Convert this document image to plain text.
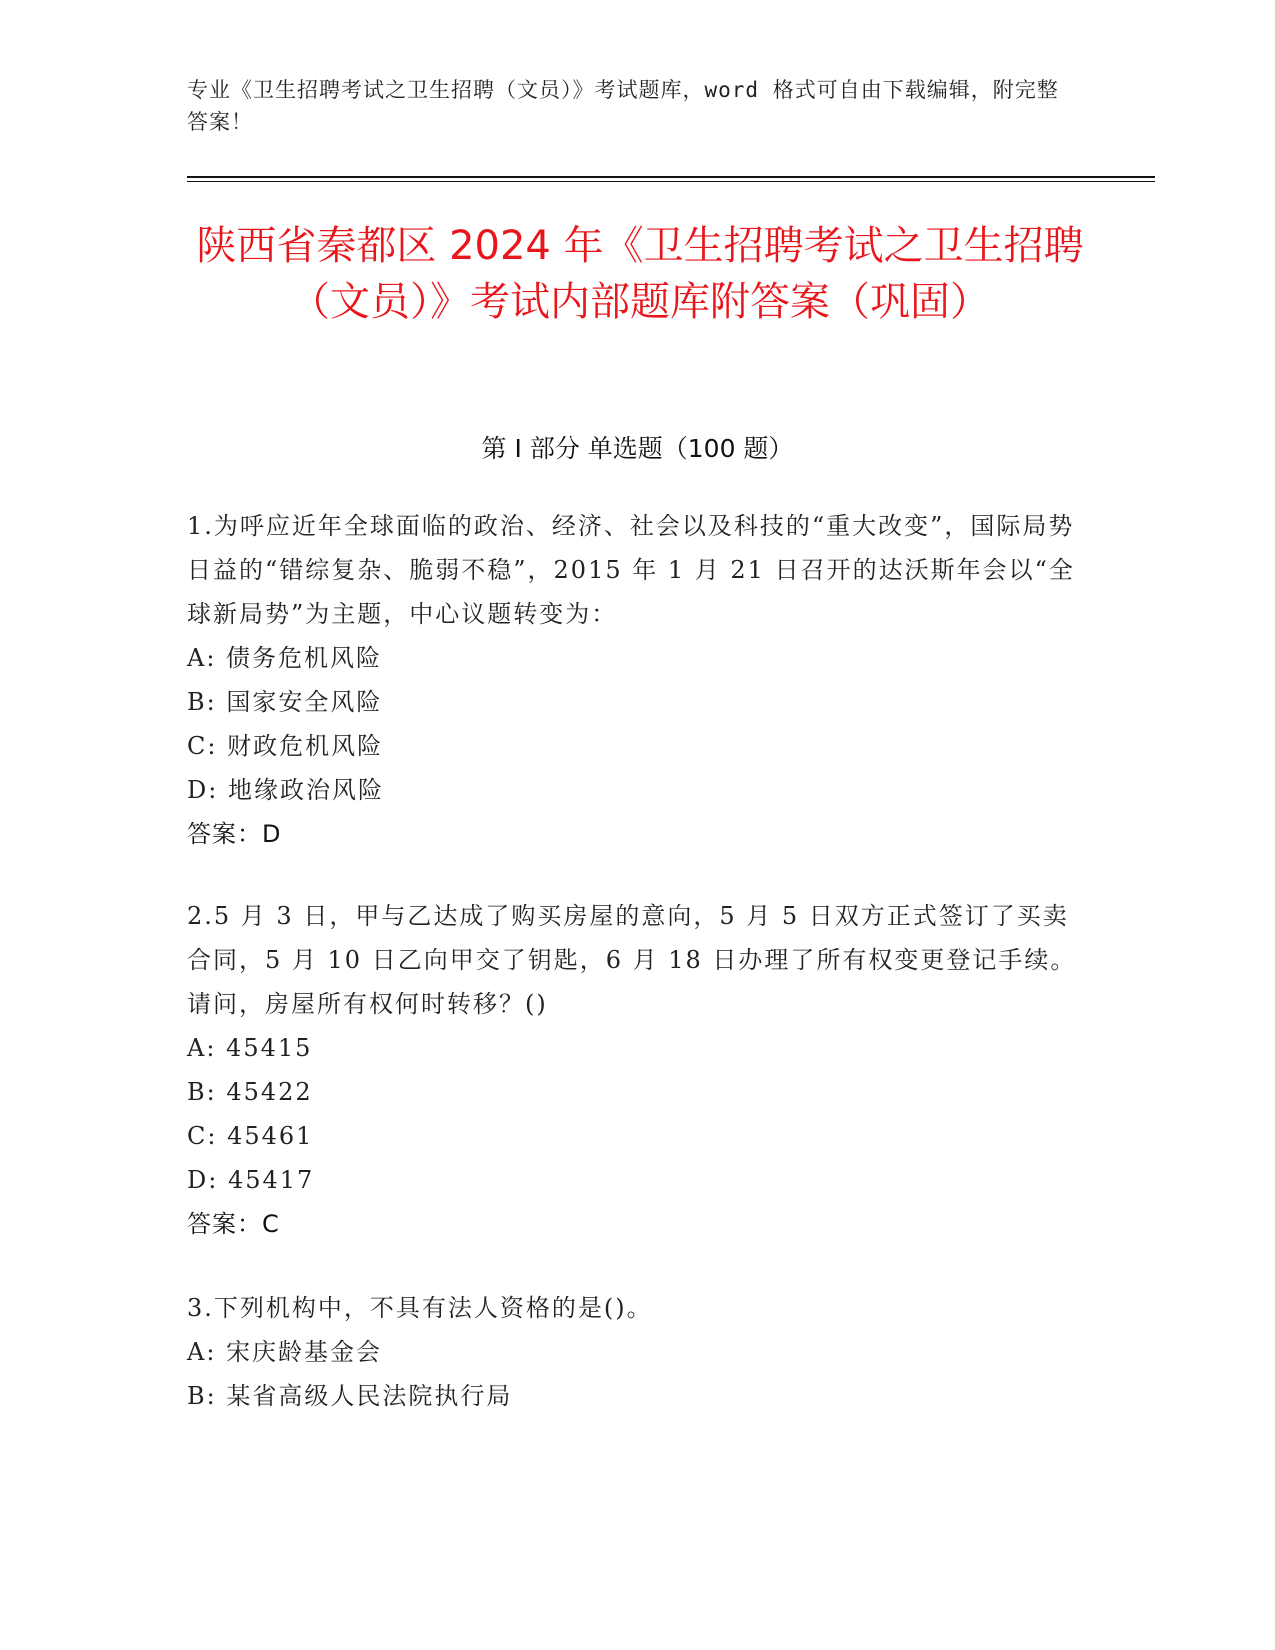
专业《卫生招聘考试之卫生招聘（文员）》考试题库，word 格式可自由下载编辑，附完整答案！
陕西省秦都区 2024 年《卫生招聘考试之卫生招聘（文员）》考试内部题库附答案（巩固）
第 I 部分 单选题（100 题）
1.为呼应近年全球面临的政治、经济、社会以及科技的“重大改变”，国际局势日益的“错综复杂、脆弱不稳”，2015 年 1 月 21 日召开的达沃斯年会以“全球新局势”为主题，中心议题转变为：
A: 债务危机风险
B: 国家安全风险
C: 财政危机风险
D: 地缘政治风险
答案：D
2.5 月 3 日，甲与乙达成了购买房屋的意向，5 月 5 日双方正式签订了买卖合同，5 月 10 日乙向甲交了钥匙，6 月 18 日办理了所有权变更登记手续。请问，房屋所有权何时转移？()
A: 45415
B: 45422
C: 45461
D: 45417
答案：C
3.下列机构中，不具有法人资格的是()。
A: 宋庆龄基金会
B: 某省高级人民法院执行局
